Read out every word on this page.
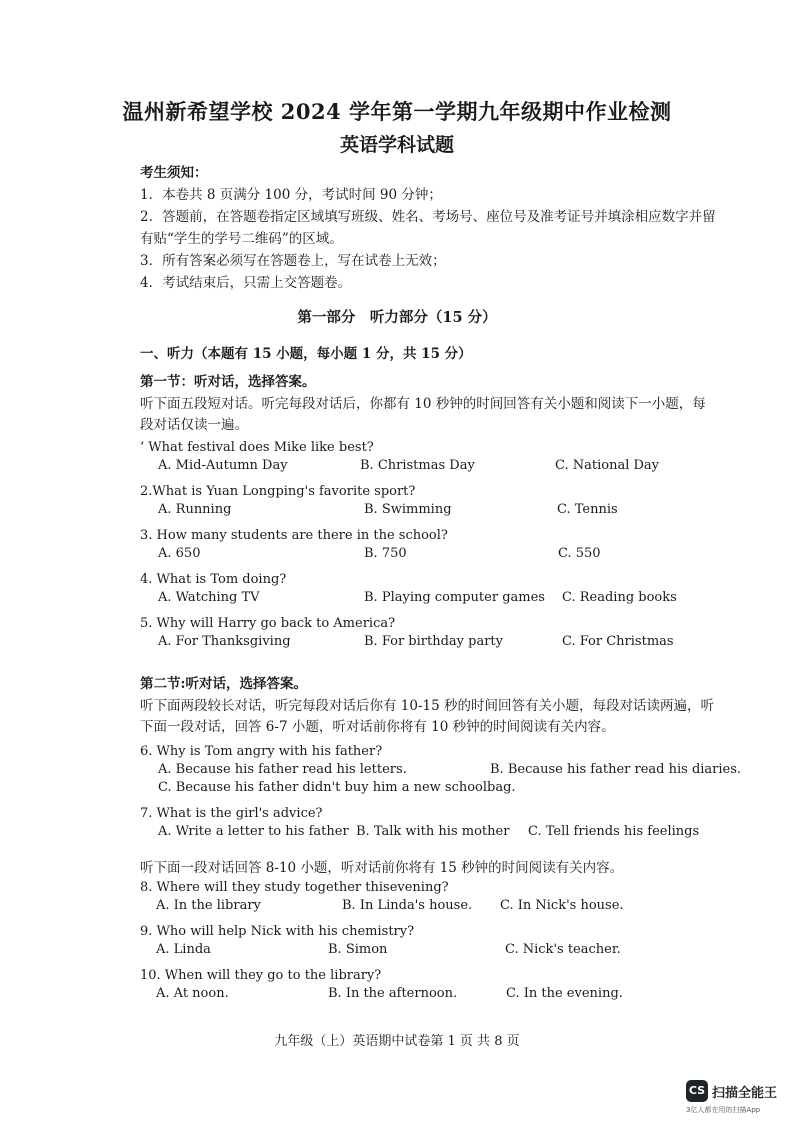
温州新希望学校 2024 学年第一学期九年级期中作业检测
英语学科试题
考生须知：
1．本卷共 8 页满分 100 分，考试时间 90 分钟；
2．答题前，在答题卷指定区域填写班级、姓名、考场号、座位号及准考证号并填涂相应数字并留有贴“学生的学号二维码”的区域。
3．所有答案必须写在答题卷上，写在试卷上无效；
4．考试结束后，只需上交答题卷。
第一部分　听力部分（15 分）
一、听力（本题有 15 小题，每小题 1 分，共 15 分）
第一节：听对话，选择答案。
听下面五段短对话。听完每段对话后，你都有 10 秒钟的时间回答有关小题和阅读下一小题，每段对话仅读一遍。
‘ What festival does Mike like best?
A. Mid-Autumn Day	B. Christmas Day	C. National Day
2.What is Yuan Longping's favorite sport?
A. Running	B. Swimming	C. Tennis
3. How many students are there in the school?
A. 650	B. 750	C. 550
4. What is Tom doing?
A. Watching TV	B. Playing computer games C. Reading books
5. Why will Harry go back to America?
A. For Thanksgiving	B. For birthday party	C. For Christmas
第二节:听对话，选择答案。
听下面两段较长对话，听完每段对话后你有 10-15 秒的时间回答有关小题，每段对话读两遍，听下面一段对话，回答 6-7 小题，听对话前你将有 10 秒钟的时间阅读有关内容。
6. Why is Tom angry with his father?
A. Because his father read his letters.	B. Because his father read his diaries.
C. Because his father didn't buy him a new schoolbag.
7. What is the girl's advice?
A. Write a letter to his father B. Talk with his mother C. Tell friends his feelings
听下面一段对话回答 8-10 小题，听对话前你将有 15 秒钟的时间阅读有关内容。
8. Where will they study together thisevening?
A. In the library	B. In Linda's house. C. In Nick's house.
9. Who will help Nick with his chemistry?
A. Linda	B. Simon	C. Nick's teacher.
10. When will they go to the library?
A. At noon.	B. In the afternoon.	C. In the evening.
九年级（上）英语期中试卷第 1 页 共 8 页
CS 扫描全能王
3亿人都在用的扫描App
